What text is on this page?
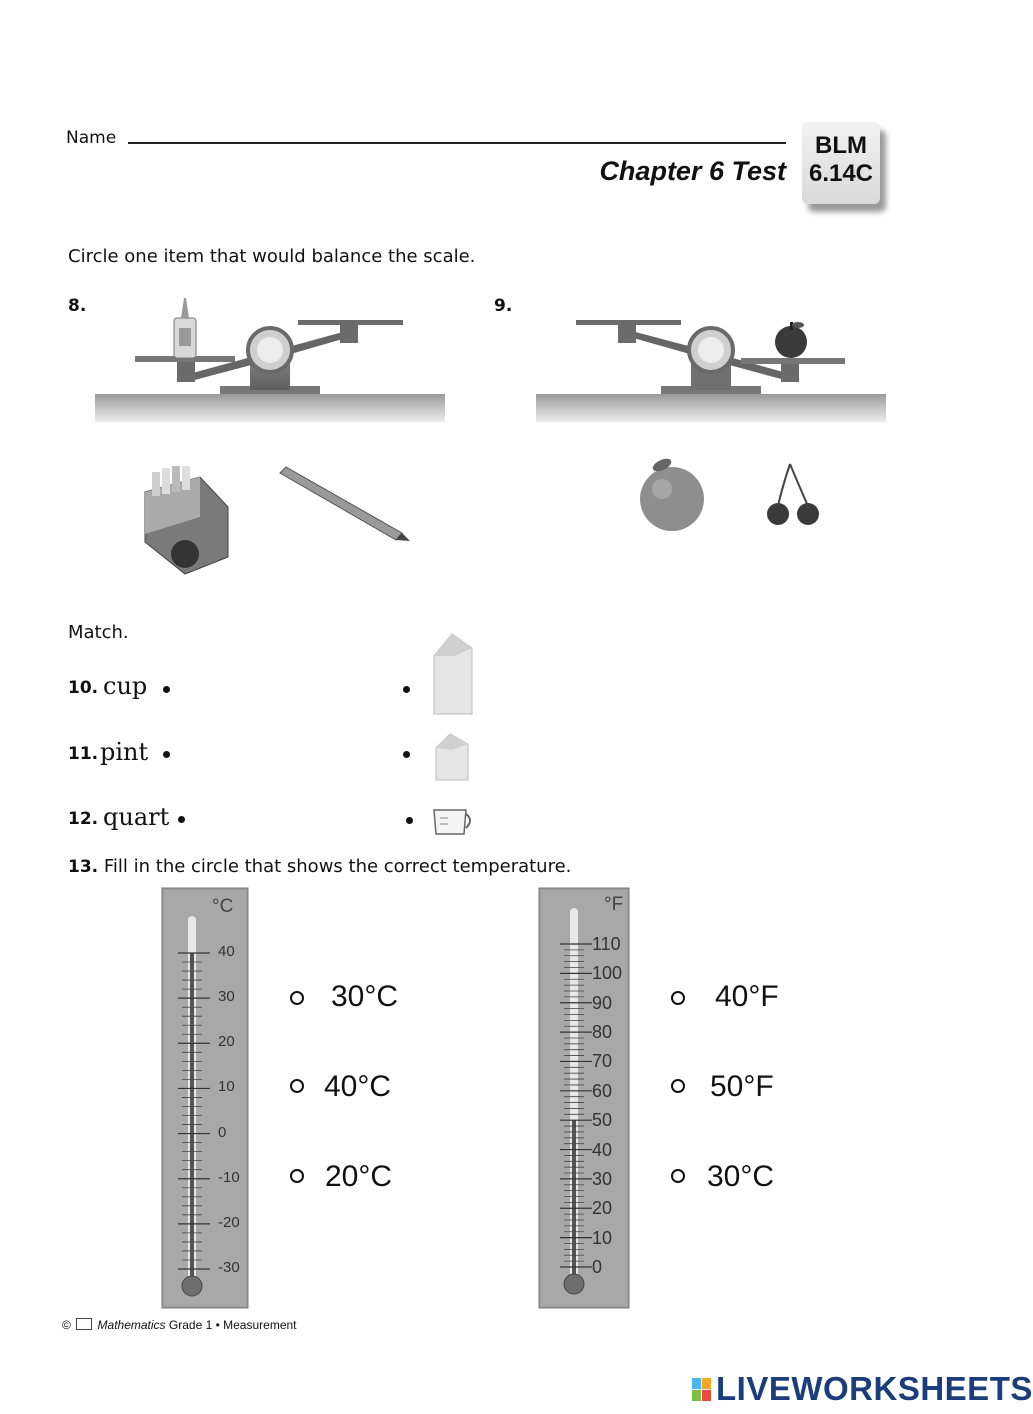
Name
Chapter 6 Test
BLM
6.14C
Circle one item that would balance the scale.
8.	9.
Match.
10. cup
11. pint
12. quart
13. Fill in the circle that shows the correct temperature.
°C
40
30
20
10
0
-10
-20
-30
30°C
40°C
20°C
°F
110
100
90
80
70
60
50
40
30
20
10
0
40°F
50°F
30°C
© Mathematics Grade 1 • Measurement
LIVEWORKSHEETS
